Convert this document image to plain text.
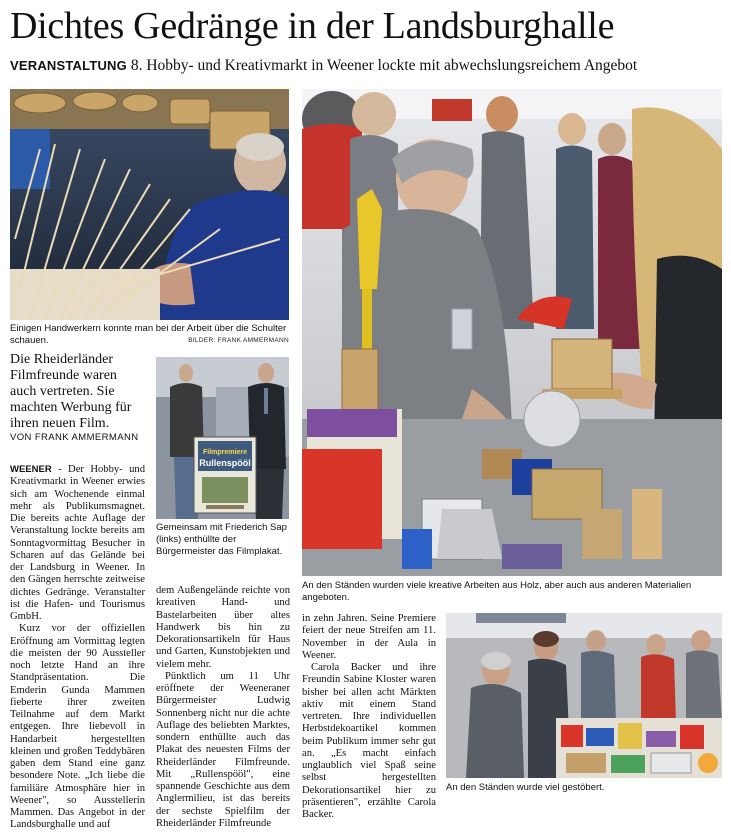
Dichtes Gedränge in der Landsburghalle
VERANSTALTUNG 8. Hobby- und Kreativmarkt in Weener lockte mit abwechslungsreichem Angebot
BILDER: FRANK AMMERMANN
Einigen Handwerkern konnte man bei der Arbeit über die Schulter schauen.
Die Rheiderländer Filmfreunde waren auch vertreten. Sie machten Werbung für ihren neuen Film.
VON FRANK AMMERMANN
Filmpremiere
Rullenspööl
Gemeinsam mit Friederich Sap (links) enthüllte der Bürgermeister das Filmplakat.
An den Ständen wurden viele kreative Arbeiten aus Holz, aber auch aus anderen Materialien angeboten.
An den Ständen wurde viel gestöbert.

WEENER - Der Hobby- und Kreativmarkt in Weener erwies sich am Wochenende einmal mehr als Publikumsmagnet. Die bereits achte Auflage der Veranstaltung lockte bereits am Sonntagvormittag Besucher in Scharen auf das Gelände bei der Landsburg in Weener. In den Gängen herrschte zeitweise dichtes Gedränge. Veranstalter ist die Hafen- und Tourismus GmbH.

Kurz vor der offiziellen Eröffnung am Vormittag legten die meisten der 90 Aussteller noch letzte Hand an ihre Standpräsentation. Die Emderin Gunda Mammen fieberte ihrer zweiten Teilnahme auf dem Markt entgegen. Ihre liebevoll in Handarbeit hergestellten kleinen und großen Teddybären gaben dem Stand eine ganz besondere Note. „Ich liebe die familiäre Atmosphäre hier in Weener", so Ausstellerin Mammen. Das Angebot in der Landsburghalle und auf

dem Außengelände reichte von kreativen Hand- und Bastelarbeiten über altes Handwerk bis hin zu Dekorationsartikeln für Haus und Garten, Kunstobjekten und vielem mehr.

Pünktlich um 11 Uhr eröffnete der Weeneraner Bürgermeister Ludwig Sonnenberg nicht nur die achte Auflage des beliebten Marktes, sondern enthüllte auch das Plakat des neuesten Films der Rheiderländer Filmfreunde. Mit „Rullenspööl", eine spannende Geschichte aus dem Anglermilieu, ist das bereits der sechste Spielfilm der Rheiderländer Filmfreunde

in zehn Jahren. Seine Premiere feiert der neue Streifen am 11. November in der Aula in Weener.

Carola Backer und ihre Freundin Sabine Kloster waren bisher bei allen acht Märkten aktiv mit einem Stand vertreten. Ihre individuellen Herbstdekoartikel kommen beim Publikum immer sehr gut an. „Es macht einfach unglaublich viel Spaß seine selbst hergestellten Dekorationsartikel hier zu präsentieren", erzählte Carola Backer.
